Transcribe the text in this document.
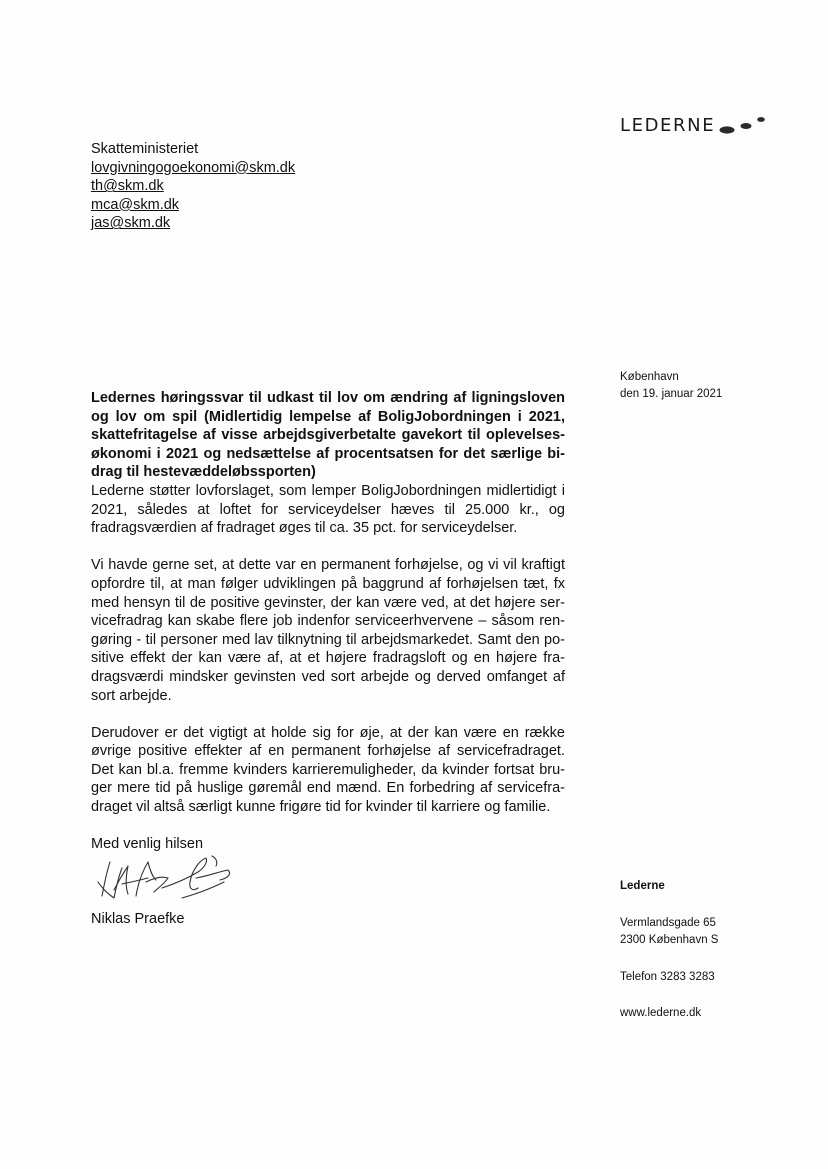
LEDERNE
Skatteministeriet
lovgivningogoekonomi@skm.dk
th@skm.dk
mca@skm.dk
jas@skm.dk
København
den 19. januar 2021

Ledernes høringssvar til udkast til lov om ændring af ligningsloven og lov om spil (Midlertidig lempelse af BoligJobordningen i 2021, skattefritagelse af visse arbejdsgiverbetalte gavekort til oplevelsesøkonomi i 2021 og nedsættelse af procentsatsen for det særlige bidrag til hestevæddeløbssporten)

Lederne støtter lovforslaget, som lemper BoligJobordningen midlertidigt i 2021, således at loftet for serviceydelser hæves til 25.000 kr., og fradragsværdien af fradraget øges til ca. 35 pct. for serviceydelser.

Vi havde gerne set, at dette var en permanent forhøjelse, og vi vil kraftigt opfordre til, at man følger udviklingen på baggrund af forhøjelsen tæt, fx med hensyn til de positive gevinster, der kan være ved, at det højere servicefradrag kan skabe flere job indenfor serviceerhvervene – såsom rengøring - til personer med lav tilknytning til arbejdsmarkedet. Samt den positive effekt der kan være af, at et højere fradragsloft og en højere fradragsværdi mindsker gevinsten ved sort arbejde og derved omfanget af sort arbejde.

Derudover er det vigtigt at holde sig for øje, at der kan være en række øvrige positive effekter af en permanent forhøjelse af servicefradraget. Det kan bl.a. fremme kvinders karrieremuligheder, da kvinder fortsat bruger mere tid på huslige gøremål end mænd. En forbedring af servicefradraget vil altså særligt kunne frigøre tid for kvinder til karriere og familie.

Med venlig hilsen

Niklas Praefke
Lederne
Vermlandsgade 65
2300 København S
Telefon 3283 3283
www.lederne.dk
